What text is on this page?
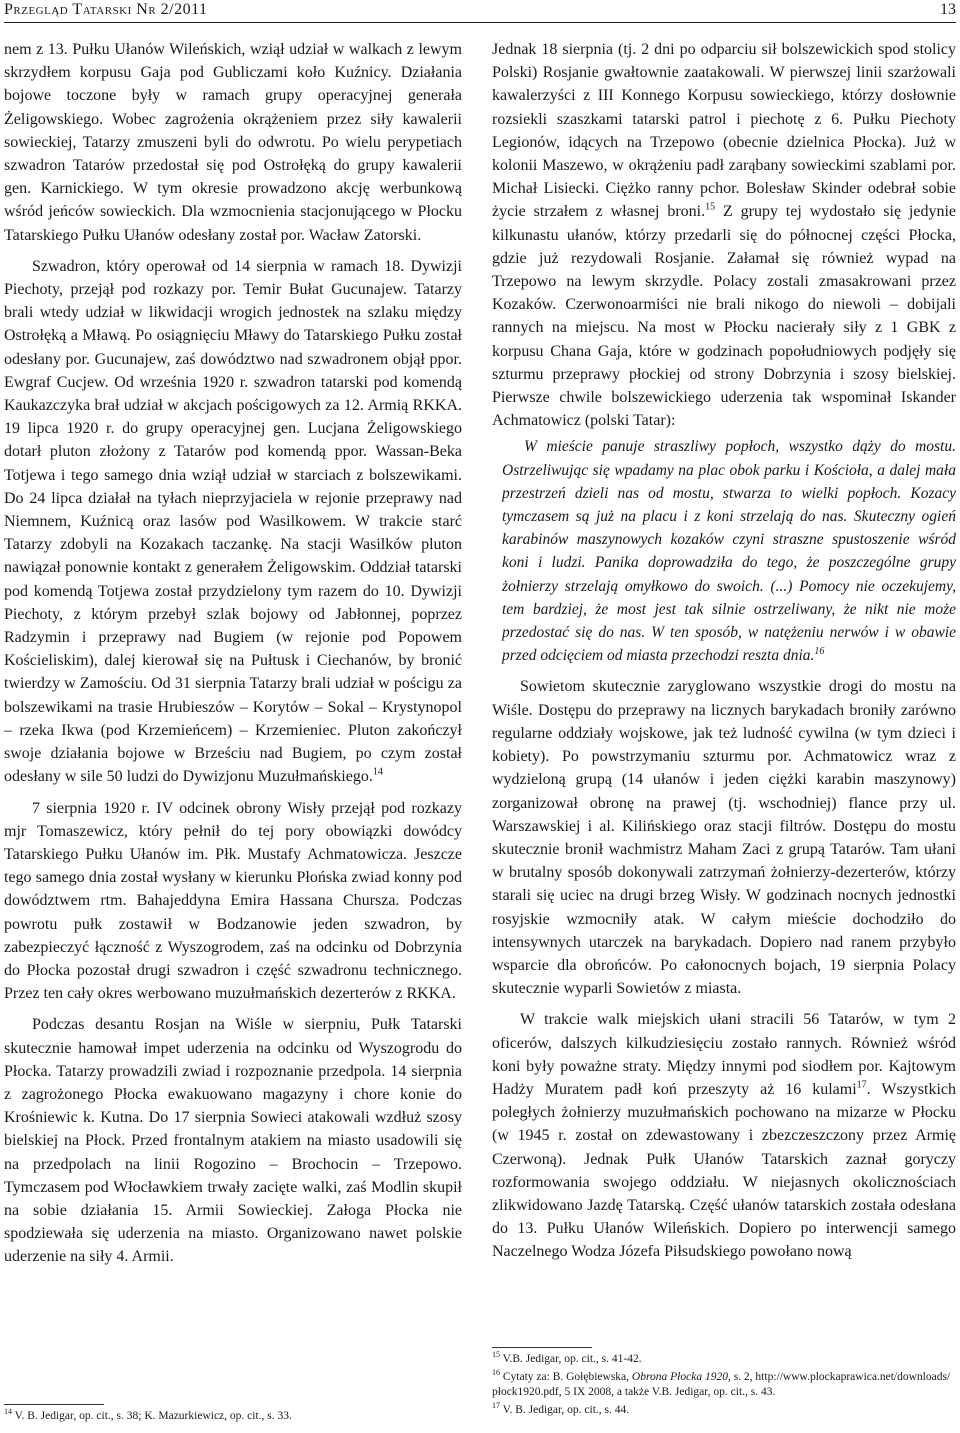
Przegląd Tatarski Nr 2/2011	13

nem z 13. Pułku Ułanów Wileńskich, wziął udział w walkach z lewym skrzydłem korpusu Gaja pod Gubliczami koło Kuźnicy. Działania bojowe toczone były w ramach grupy operacyjnej generała Żeligowskiego. Wobec zagrożenia okrążeniem przez siły kawalerii sowieckiej, Tatarzy zmuszeni byli do odwrotu. Po wielu perypetiach szwadron Tatarów przedostał się pod Ostrołęką do grupy kawalerii gen. Karnickiego. W tym okresie prowadzono akcję werbunkową wśród jeńców sowieckich. Dla wzmocnienia stacjonującego w Płocku Tatarskiego Pułku Ułanów odesłany został por. Wacław Zatorski.

Szwadron, który operował od 14 sierpnia w ramach 18. Dywizji Piechoty, przejął pod rozkazy por. Temir Bułat Gucunajew. Tatarzy brali wtedy udział w likwidacji wrogich jednostek na szlaku między Ostrołęką a Mławą. Po osiągnięciu Mławy do Tatarskiego Pułku został odesłany por. Gucunajew, zaś dowództwo nad szwadronem objął ppor. Ewgraf Cucjew. Od września 1920 r. szwadron tatarski pod komendą Kaukazczyka brał udział w akcjach pościgowych za 12. Armią RKKA. 19 lipca 1920 r. do grupy operacyjnej gen. Lucjana Żeligowskiego dotarł pluton złożony z Tatarów pod komendą ppor. Wassan-Beka Totjewa i tego samego dnia wziął udział w starciach z bolszewikami. Do 24 lipca działał na tyłach nieprzyjaciela w rejonie przeprawy nad Niemnem, Kuźnicą oraz lasów pod Wasilkowem. W trakcie starć Tatarzy zdobyli na Kozakach taczankę. Na stacji Wasilków pluton nawiązał ponownie kontakt z generałem Żeligowskim. Oddział tatarski pod komendą Totjewa został przydzielony tym razem do 10. Dywizji Piechoty, z którym przebył szlak bojowy od Jabłonnej, poprzez Radzymin i przeprawy nad Bugiem (w rejonie pod Popowem Kościeliskim), dalej kierował się na Pułtusk i Ciechanów, by bronić twierdzy w Zamościu. Od 31 sierpnia Tatarzy brali udział w pościgu za bolszewikami na trasie Hrubieszów – Korytów – Sokal – Krystynopol – rzeka Ikwa (pod Krzemieńcem) – Krzemieniec. Pluton zakończył swoje działania bojowe w Brześciu nad Bugiem, po czym został odesłany w sile 50 ludzi do Dywizjonu Muzułmańskiego.$^{14}$

7 sierpnia 1920 r. IV odcinek obrony Wisły przejął pod rozkazy mjr Tomaszewicz, który pełnił do tej pory obowiązki dowódcy Tatarskiego Pułku Ułanów im. Płk. Mustafy Achmatowicza. Jeszcze tego samego dnia został wysłany w kierunku Płońska zwiad konny pod dowództwem rtm. Bahajeddyna Emira Hassana Chursza. Podczas powrotu pułk zostawił w Bodzanowie jeden szwadron, by zabezpieczyć łączność z Wyszogrodem, zaś na odcinku od Dobrzynia do Płocka pozostał drugi szwadron i część szwadronu technicznego. Przez ten cały okres werbowano muzułmańskich dezerterów z RKKA.

Podczas desantu Rosjan na Wiśle w sierpniu, Pułk Tatarski skutecznie hamował impet uderzenia na odcinku od Wyszogrodu do Płocka. Tatarzy prowadzili zwiad i rozpoznanie przedpola. 14 sierpnia z zagrożonego Płocka ewakuowano magazyny i chore konie do Krośniewic k. Kutna. Do 17 sierpnia Sowieci atakowali wzdłuż szosy bielskiej na Płock. Przed frontalnym atakiem na miasto usadowili się na przedpolach na linii Rogozino – Brochocin – Trzepowo. Tymczasem pod Włocławkiem trwały zacięte walki, zaś Modlin skupił na sobie działania 15. Armii Sowieckiej. Załoga Płocka nie spodziewała się uderzenia na miasto. Organizowano nawet polskie uderzenie na siły 4. Armii.

Jednak 18 sierpnia (tj. 2 dni po odparciu sił bolszewickich spod stolicy Polski) Rosjanie gwałtownie zaatakowali. W pierwszej linii szarżowali kawalerzyści z III Konnego Korpusu sowieckiego, którzy dosłownie rozsiekli szaszkami tatarski patrol i piechotę z 6. Pułku Piechoty Legionów, idących na Trzepowo (obecnie dzielnica Płocka). Już w kolonii Maszewo, w okrążeniu padł zarąbany sowieckimi szablami por. Michał Lisiecki. Ciężko ranny pchor. Bolesław Skinder odebrał sobie życie strzałem z własnej broni.$^{15}$ Z grupy tej wydostało się jedynie kilkunastu ułanów, którzy przedarli się do północnej części Płocka, gdzie już rezydowali Rosjanie. Załamał się również wypad na Trzepowo na lewym skrzydle. Polacy zostali zmasakrowani przez Kozaków. Czerwonoarmiści nie brali nikogo do niewoli – dobijali rannych na miejscu. Na most w Płocku nacierały siły z 1 GBK z korpusu Chana Gaja, które w godzinach popołudniowych podjęły się szturmu przeprawy płockiej od strony Dobrzynia i szosy bielskiej. Pierwsze chwile bolszewickiego uderzenia tak wspominał Iskander Achmatowicz (polski Tatar):

W mieście panuje straszliwy popłoch, wszystko dąży do mostu. Ostrzeliwując się wpadamy na plac obok parku i Kościoła, a dalej mała przestrzeń dzieli nas od mostu, stwarza to wielki popłoch. Kozacy tymczasem są już na placu i z koni strzelają do nas. Skuteczny ogień karabinów maszynowych kozaków czyni straszne spustoszenie wśród koni i ludzi. Panika doprowadziła do tego, że poszczególne grupy żołnierzy strzelają omyłkowo do swoich. (...) Pomocy nie oczekujemy, tem bardziej, że most jest tak silnie ostrzeliwany, że nikt nie może przedostać się do nas. W ten sposób, w natężeniu nerwów i w obawie przed odcięciem od miasta przechodzi reszta dnia.$^{16}$

Sowietom skutecznie zaryglowano wszystkie drogi do mostu na Wiśle. Dostępu do przeprawy na licznych barykadach broniły zarówno regularne oddziały wojskowe, jak też ludność cywilna (w tym dzieci i kobiety). Po powstrzymaniu szturmu por. Achmatowicz wraz z wydzieloną grupą (14 ułanów i jeden ciężki karabin maszynowy) zorganizował obronę na prawej (tj. wschodniej) flance przy ul. Warszawskiej i al. Kilińskiego oraz stacji filtrów. Dostępu do mostu skutecznie bronił wachmistrz Maham Zaci z grupą Tatarów. Tam ułani w brutalny sposób dokonywali zatrzymań żołnierzy-dezerterów, którzy starali się uciec na drugi brzeg Wisły. W godzinach nocnych jednostki rosyjskie wzmocniły atak. W całym mieście dochodziło do intensywnych utarczek na barykadach. Dopiero nad ranem przybyło wsparcie dla obrońców. Po całonocnych bojach, 19 sierpnia Polacy skutecznie wyparli Sowietów z miasta.

W trakcie walk miejskich ułani stracili 56 Tatarów, w tym 2 oficerów, dalszych kilkudziesięciu zostało rannych. Również wśród koni były poważne straty. Między innymi pod siodłem por. Kajtowym Hadży Muratem padł koń przeszyty aż 16 kulami$^{17}$. Wszystkich poległych żołnierzy muzułmańskich pochowano na mizarze w Płocku (w 1945 r. został on zdewastowany i zbezczeszczony przez Armię Czerwoną). Jednak Pułk Ułanów Tatarskich zaznał goryczy rozformowania swojego oddziału. W niejasnych okolicznościach zlikwidowano Jazdę Tatarską. Część ułanów tatarskich została odesłana do 13. Pułku Ułanów Wileńskich. Dopiero po interwencji samego Naczelnego Wodza Józefa Piłsudskiego powołano nową

$^{14}$ V. B. Jedigar, op. cit., s. 38; K. Mazurkiewicz, op. cit., s. 33.

$^{15}$ V.B. Jedigar, op. cit., s. 41-42.

$^{16}$ Cytaty za: B. Gołębiewska, Obrona Płocka 1920, s. 2, http://www.plockaprawica.net/downloads/ płock1920.pdf, 5 IX 2008, a także V.B. Jedigar, op. cit., s. 43.

$^{17}$ V. B. Jedigar, op. cit., s. 44.
